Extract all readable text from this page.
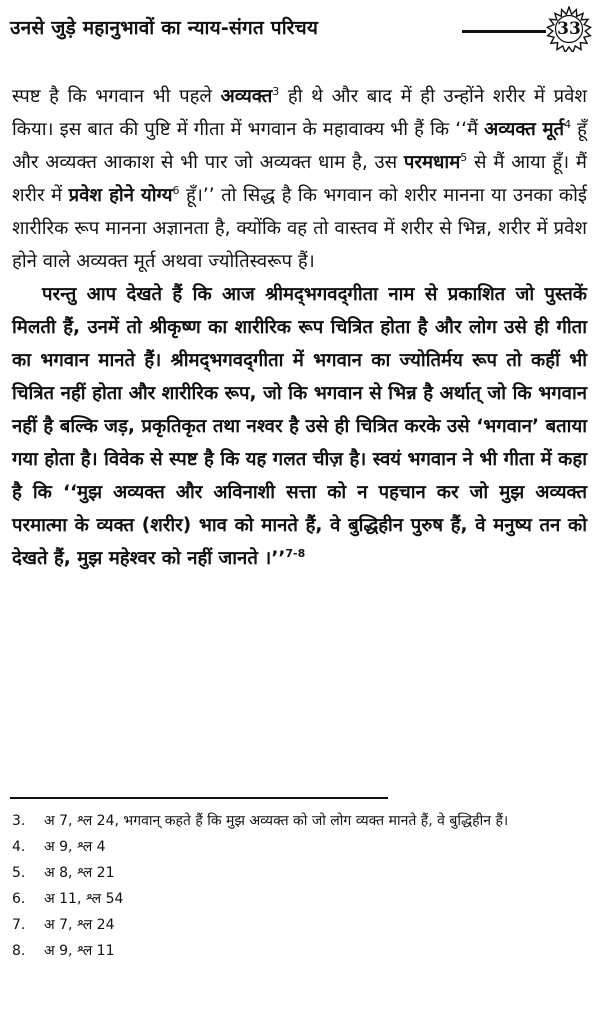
उनसे जुड़े महानुभावों का न्याय-संगत परिचय	33

स्पष्ट है कि भगवान भी पहले अव्यक्त$^3$ ही थे और बाद में ही उन्होंने शरीर में प्रवेश किया। इस बात की पुष्टि में गीता में भगवान के महावाक्य भी हैं कि ‘‘मैं अव्यक्त मूर्त$^4$ हूँ और अव्यक्त आकाश से भी पार जो अव्यक्त धाम है, उस परमधाम$^5$ से मैं आया हूँ। मैं शरीर में प्रवेश होने योग्य$^6$ हूँ।’’ तो सिद्ध है कि भगवान को शरीर मानना या उनका कोई शारीरिक रूप मानना अज्ञानता है, क्योंकि वह तो वास्तव में शरीर से भिन्न, शरीर में प्रवेश होने वाले अव्यक्त मूर्त अथवा ज्योतिस्वरूप हैं।

परन्तु आप देखते हैं कि आज श्रीमद्‍भगवद्‍गीता नाम से प्रकाशित जो पुस्तकें मिलती हैं, उनमें तो श्रीकृष्ण का शारीरिक रूप चित्रित होता है और लोग उसे ही गीता का भगवान मानते हैं। श्रीमद्‍भगवद्‍गीता में भगवान का ज्योतिर्मय रूप तो कहीं भी चित्रित नहीं होता और शारीरिक रूप, जो कि भगवान से भिन्न है अर्थात्‌ जो कि भगवान नहीं है बल्कि जड़, प्रकृतिकृत तथा नश्वर है उसे ही चित्रित करके उसे ‘भगवान’ बताया गया होता है। विवेक से स्पष्ट है कि यह गलत चीज़ है। स्वयं भगवान ने भी गीता में कहा है कि ‘‘मुझ अव्यक्त और अविनाशी सत्ता को न पहचान कर जो मुझ अव्यक्त परमात्मा के व्यक्त (शरीर) भाव को मानते हैं, वे बुद्धिहीन पुरुष हैं, वे मनुष्य तन को देखते हैं, मुझ महेश्वर को नहीं जानते ।’’$^{7-8}$

3.	अ 7, श्ल 24, भगवान्‌ कहते हैं कि मुझ अव्यक्त को जो लोग व्यक्त मानते हैं, वे बुद्धिहीन हैं।
4.	अ 9, श्ल 4
5.	अ 8, श्ल 21
6.	अ 11, श्ल 54
7.	अ 7, श्ल 24
8.	अ 9, श्ल 11
